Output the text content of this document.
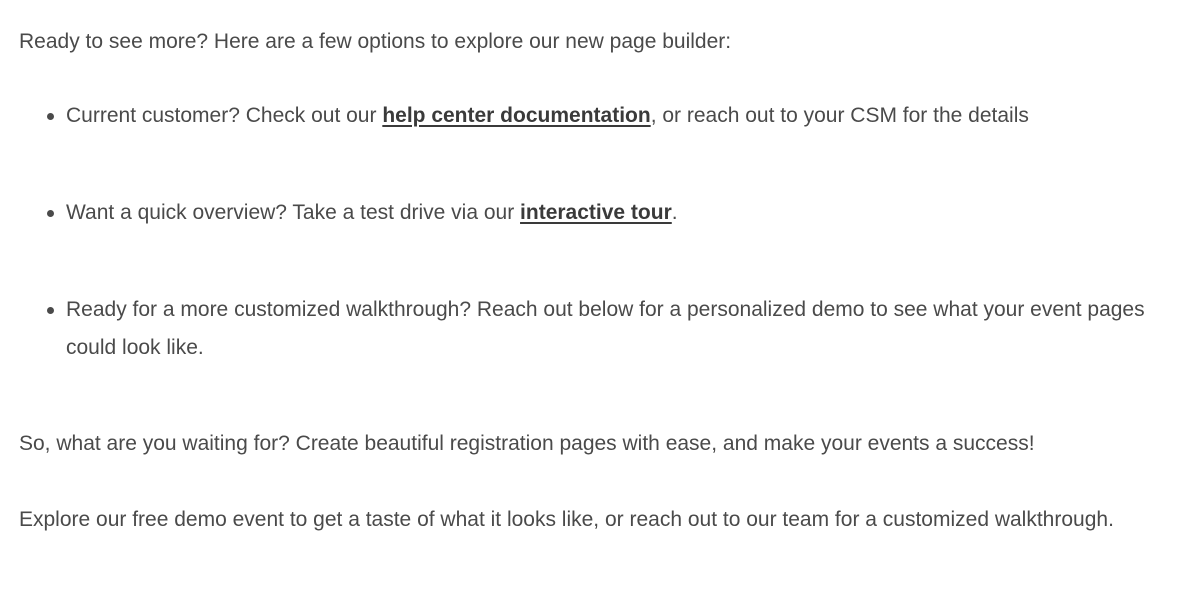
Ready to see more? Here are a few options to explore our new page builder:

Current customer? Check out our help center documentation, or reach out to your CSM for the details
Want a quick overview? Take a test drive via our interactive tour.
Ready for a more customized walkthrough? Reach out below for a personalized demo to see what your event pages could look like.

So, what are you waiting for? Create beautiful registration pages with ease, and make your events a success!

Explore our free demo event to get a taste of what it looks like, or reach out to our team for a customized walkthrough.
